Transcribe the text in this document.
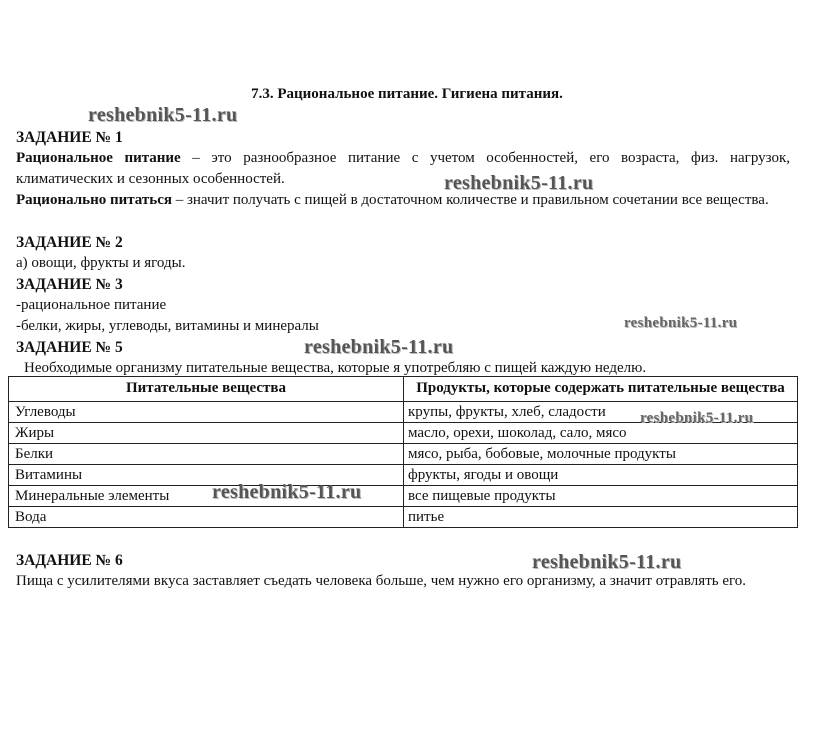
7.3. Рациональное питание. Гигиена питания.
ЗАДАНИЕ № 1
Рациональное питание – это разнообразное питание с учетом особенностей, его возраста, физ. нагрузок, климатических и сезонных особенностей.
Рационально питаться – значит получать с пищей в достаточном количестве и правильном сочетании все вещества.
ЗАДАНИЕ № 2
а) овощи, фрукты и ягоды.
ЗАДАНИЕ № 3
-рациональное питание
-белки, жиры, углеводы, витамины и минералы
ЗАДАНИЕ № 5
Необходимые организму питательные вещества, которые я употребляю с пищей каждую неделю.
Питательные вещества	Продукты, которые содержать питательные вещества
Углеводы	крупы, фрукты, хлеб, сладости
Жиры	масло, орехи, шоколад, сало, мясо
Белки	мясо, рыба, бобовые, молочные продукты
Витамины	фрукты, ягоды и овощи
Минеральные элементы	все пищевые продукты
Вода	питье
ЗАДАНИЕ № 6
Пища с усилителями вкуса заставляет съедать человека больше, чем нужно его организму, а значит отравлять его.
reshebnik5-11.ru
reshebnik5-11.ru
reshebnik5-11.ru
reshebnik5-11.ru
reshebnik5-11.ru
reshebnik5-11.ru
reshebnik5-11.ru
